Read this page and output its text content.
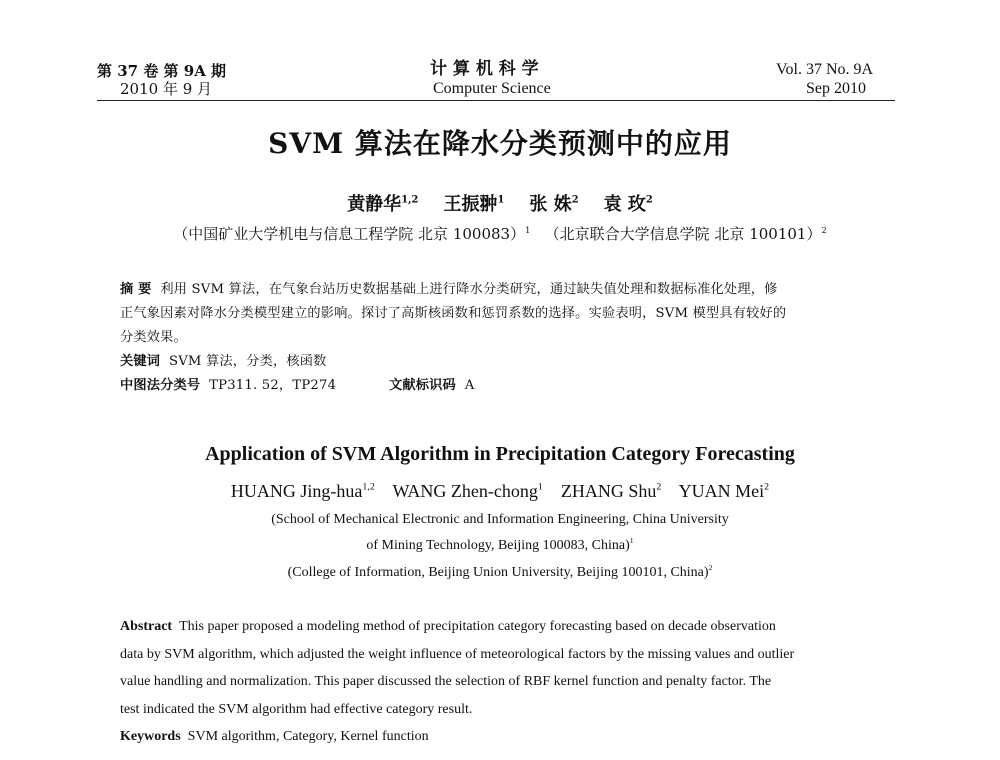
第 37 卷 第 9A 期
2010 年 9 月
计 算 机 科 学
Computer Science
Vol. 37 No. 9A
Sep 2010
SVM 算法在降水分类预测中的应用
黄静华$^{1,2}$ 王振翀$^1$ 张 姝$^2$ 袁 玫$^2$
（中国矿业大学机电与信息工程学院 北京 100083）$^1$ （北京联合大学信息学院 北京 100101）$^2$
摘 要 利用 SVM 算法，在气象台站历史数据基础上进行降水分类研究，通过缺失值处理和数据标准化处理，修
正气象因素对降水分类模型建立的影响。探讨了高斯核函数和惩罚系数的选择。实验表明，SVM 模型具有较好的
分类效果。
关键词 SVM 算法，分类，核函数
中图法分类号 TP311. 52，TP274	文献标识码 A
Application of SVM Algorithm in Precipitation Category Forecasting
HUANG Jing-hua$^{1,2}$ WANG Zhen-chong$^1$ ZHANG Shu$^2$ YUAN Mei$^2$
(School of Mechanical Electronic and Information Engineering, China University
of Mining Technology, Beijing 100083, China)$^1$
(College of Information, Beijing Union University, Beijing 100101, China)$^2$
Abstract This paper proposed a modeling method of precipitation category forecasting based on decade observation
data by SVM algorithm, which adjusted the weight influence of meteorological factors by the missing values and outlier
value handling and normalization. This paper discussed the selection of RBF kernel function and penalty factor. The
test indicated the SVM algorithm had effective category result.
Keywords SVM algorithm, Category, Kernel function
